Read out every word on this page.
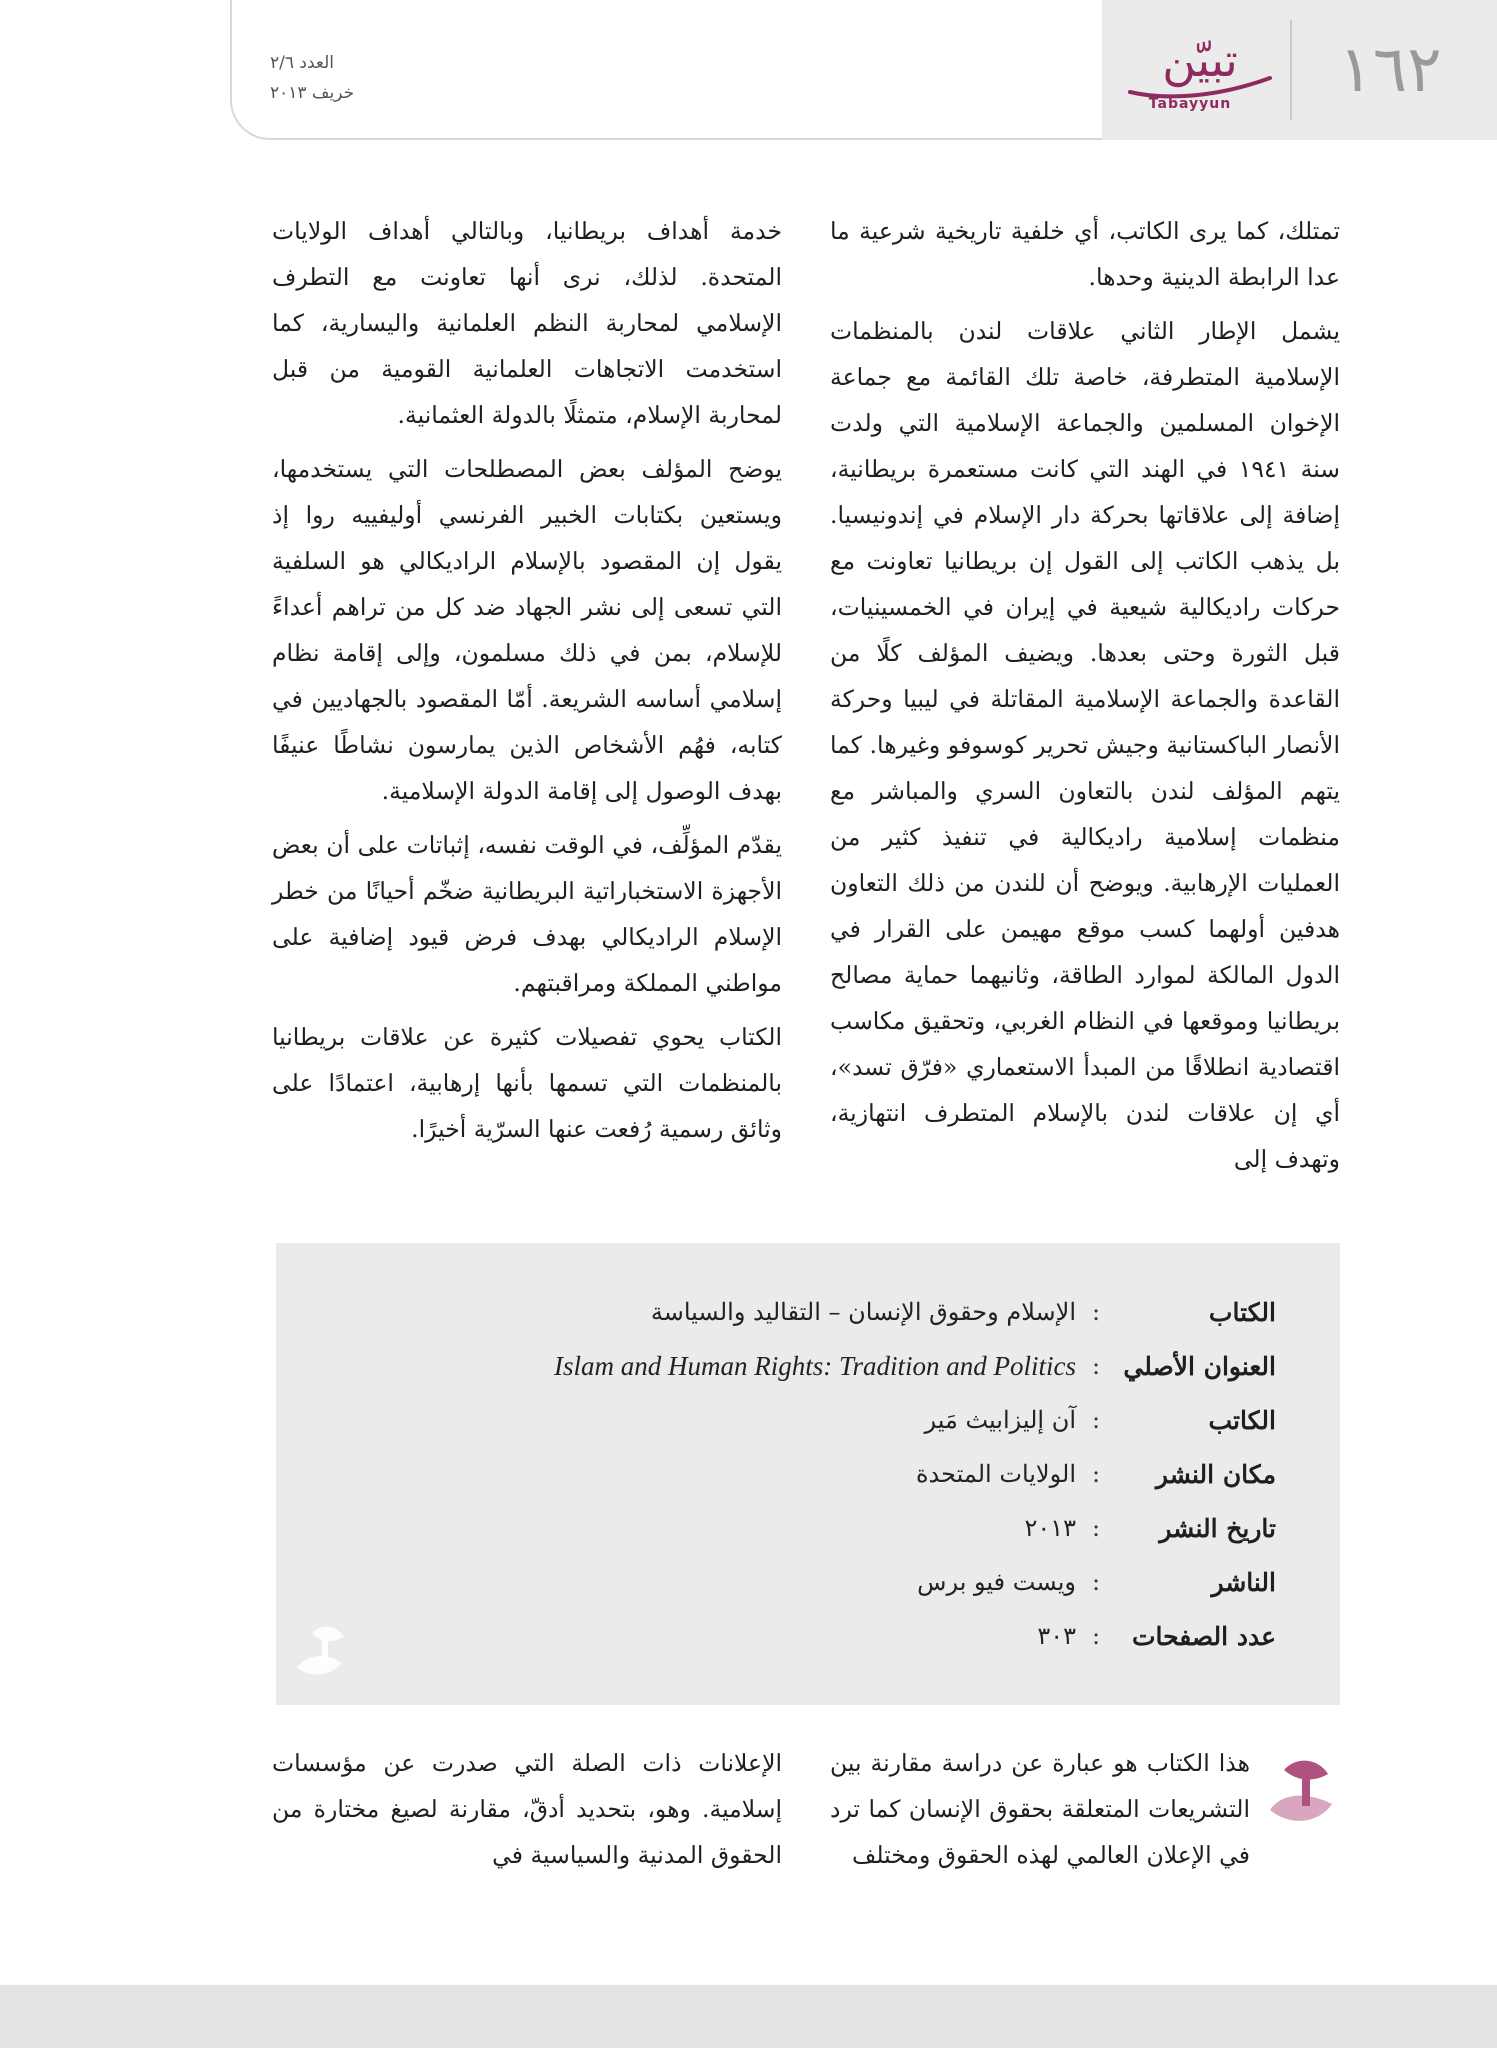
العدد ٢/٦
خريف ٢٠١٣
تبيّن
Tabayyun	١٦٢

تمتلك، كما يرى الكاتب، أي خلفية تاريخية شرعية ما عدا الرابطة الدينية وحدها.

يشمل الإطار الثاني علاقات لندن بالمنظمات الإسلامية المتطرفة، خاصة تلك القائمة مع جماعة الإخوان المسلمين والجماعة الإسلامية التي ولدت سنة ١٩٤١ في الهند التي كانت مستعمرة بريطانية، إضافة إلى علاقاتها بحركة دار الإسلام في إندونيسيا. بل يذهب الكاتب إلى القول إن بريطانيا تعاونت مع حركات راديكالية شيعية في إيران في الخمسينيات، قبل الثورة وحتى بعدها. ويضيف المؤلف كلًا من القاعدة والجماعة الإسلامية المقاتلة في ليبيا وحركة الأنصار الباكستانية وجيش تحرير كوسوفو وغيرها. كما يتهم المؤلف لندن بالتعاون السري والمباشر مع منظمات إسلامية راديكالية في تنفيذ كثير من العمليات الإرهابية. ويوضح أن للندن من ذلك التعاون هدفين أولهما كسب موقع مهيمن على القرار في الدول المالكة لموارد الطاقة، وثانيهما حماية مصالح بريطانيا وموقعها في النظام الغربي، وتحقيق مكاسب اقتصادية انطلاقًا من المبدأ الاستعماري «فرّق تسد»، أي إن علاقات لندن بالإسلام المتطرف انتهازية، وتهدف إلى

خدمة أهداف بريطانيا، وبالتالي أهداف الولايات المتحدة. لذلك، نرى أنها تعاونت مع التطرف الإسلامي لمحاربة النظم العلمانية واليسارية، كما استخدمت الاتجاهات العلمانية القومية من قبل لمحاربة الإسلام، متمثلًا بالدولة العثمانية.

يوضح المؤلف بعض المصطلحات التي يستخدمها، ويستعين بكتابات الخبير الفرنسي أوليفييه روا إذ يقول إن المقصود بالإسلام الراديكالي هو السلفية التي تسعى إلى نشر الجهاد ضد كل من تراهم أعداءً للإسلام، بمن في ذلك مسلمون، وإلى إقامة نظام إسلامي أساسه الشريعة. أمّا المقصود بالجهاديين في كتابه، فهُم الأشخاص الذين يمارسون نشاطًا عنيفًا بهدف الوصول إلى إقامة الدولة الإسلامية.

يقدّم المؤلِّف، في الوقت نفسه، إثباتات على أن بعض الأجهزة الاستخباراتية البريطانية ضخّم أحيانًا من خطر الإسلام الراديكالي بهدف فرض قيود إضافية على مواطني المملكة ومراقبتهم.

الكتاب يحوي تفصيلات كثيرة عن علاقات بريطانيا بالمنظمات التي تسمها بأنها إرهابية، اعتمادًا على وثائق رسمية رُفعت عنها السرّية أخيرًا.

الكتاب
:
الإسلام وحقوق الإنسان – التقاليد والسياسة
العنوان الأصلي
:
Islam and Human Rights: Tradition and Politics
الكاتب
:
آن إليزابيث مَير
مكان النشر
:
الولايات المتحدة
تاريخ النشر
:
٢٠١٣
الناشر
:
ويست فيو برس
عدد الصفحات
:
٣٠٣

هذا الكتاب هو عبارة عن دراسة مقارنة بين التشريعات المتعلقة بحقوق الإنسان كما ترد في الإعلان العالمي لهذه الحقوق ومختلف

الإعلانات ذات الصلة التي صدرت عن مؤسسات إسلامية. وهو، بتحديد أدقّ، مقارنة لصيغ مختارة من الحقوق المدنية والسياسية في
